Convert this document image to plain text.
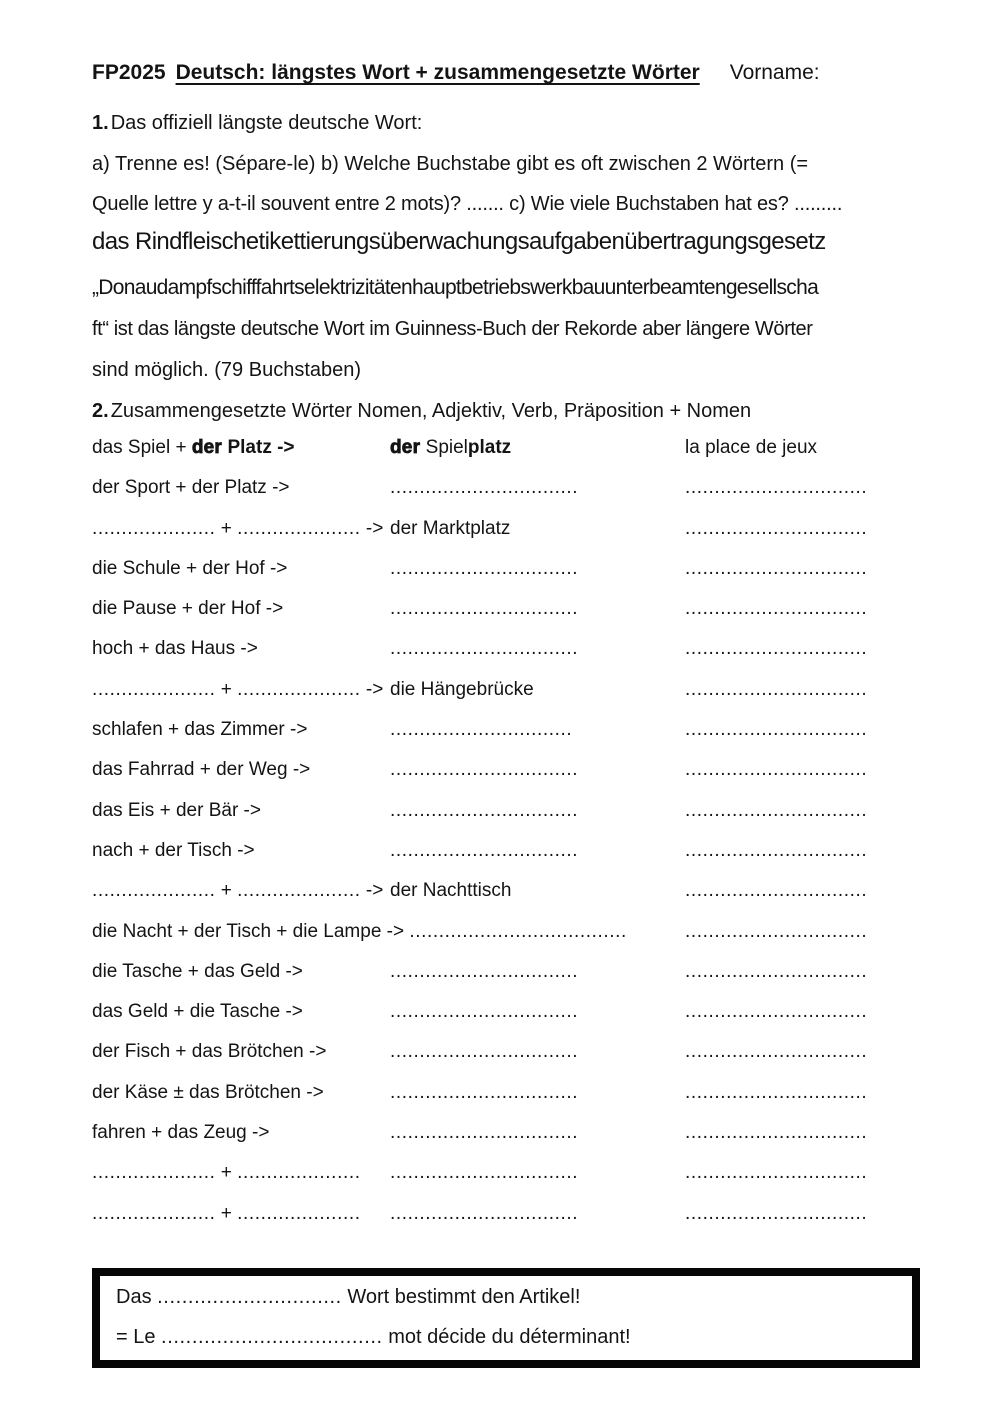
FP2025 Deutsch: längstes Wort + zusammengesetzte Wörter Vorname:
1. Das offiziell längste deutsche Wort:
a) Trenne es! (Sépare-le) b) Welche Buchstabe gibt es oft zwischen 2 Wörtern (=
Quelle lettre y a-t-il souvent entre 2 mots)? ....... c) Wie viele Buchstaben hat es? .........
das Rindfleischetikettierungsüberwachungsaufgabenübertragungsgesetz
„Donaudampfschifffahrtselektrizitätenhauptbetriebswerkbauunterbeamtengesellscha
ft“ ist das längste deutsche Wort im Guinness-Buch der Rekorde aber längere Wörter
sind möglich. (79 Buchstaben)
2. Zusammengesetzte Wörter Nomen, Adjektiv, Verb, Präposition + Nomen
das Spiel + der Platz ->	der Spielplatz	la place de jeux
der Sport + der Platz ->	................................	...............................
..................... + ..................... -> der Marktplatz	...............................
die Schule + der Hof ->	................................	...............................
die Pause + der Hof ->	................................	...............................
hoch + das Haus ->	................................	...............................
..................... + ..................... -> die Hängebrücke	...............................
schlafen + das Zimmer ->	...............................	...............................
das Fahrrad + der Weg ->	................................	...............................
das Eis + der Bär ->	................................	...............................
nach + der Tisch ->	................................	...............................
..................... + ..................... -> der Nachttisch	...............................
die Nacht + der Tisch + die Lampe -> .....................................	...............................
die Tasche + das Geld ->	................................	...............................
das Geld + die Tasche ->	................................	...............................
der Fisch + das Brötchen ->	................................	...............................
der Käse ± das Brötchen ->	................................	...............................
fahren + das Zeug ->	................................	...............................
..................... + .....................	................................	...............................
..................... + .....................	................................	...............................
Das .............................. Wort bestimmt den Artikel!
= Le .................................... mot décide du déterminant!
